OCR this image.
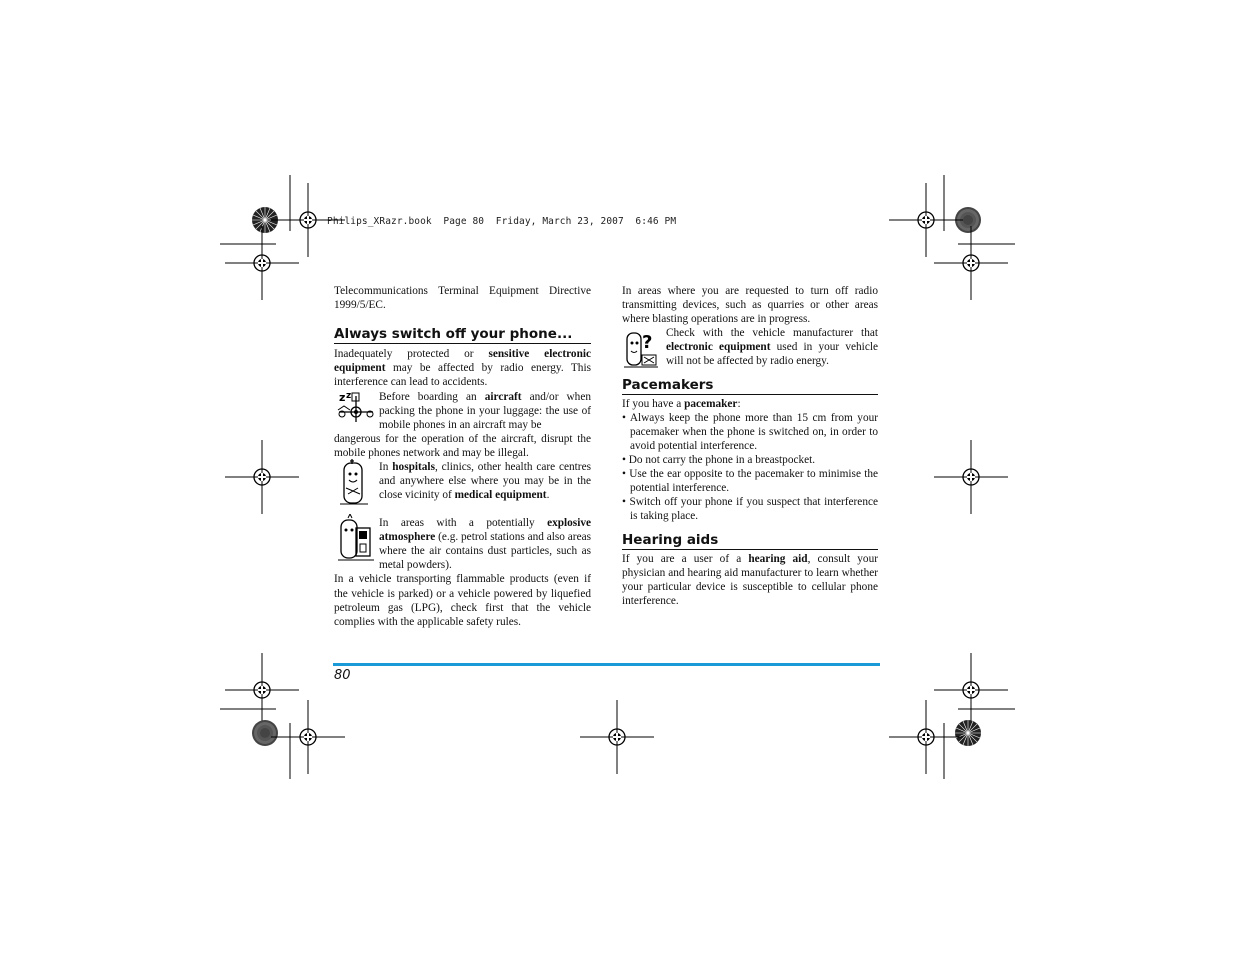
Philips_XRazr.book  Page 80  Friday, March 23, 2007  6:46 PM

Telecommunications Terminal Equipment Directive 1999/5/EC.

Always switch off your phone...

Inadequately protected or sensitive electronic equipment may be affected by radio energy. This interference can lead to accidents.

Before boarding an aircraft and/or when packing the phone in your luggage: the use of mobile phones in an aircraft may be

dangerous for the operation of the aircraft, disrupt the mobile phones network and may be illegal.

In hospitals, clinics, other health care centres and anywhere else where you may be in the close vicinity of medical equipment.

In areas with a potentially explosive atmosphere (e.g. petrol stations and also areas where the air contains dust particles, such as metal powders).

In a vehicle transporting flammable products (even if the vehicle is parked) or a vehicle powered by liquefied petroleum gas (LPG), check first that the vehicle complies with the applicable safety rules.

z z

In areas where you are requested to turn off radio transmitting devices, such as quarries or other areas where blasting operations are in progress.

Check with the vehicle manufacturer that electronic equipment used in your vehicle will not be affected by radio energy.

Pacemakers

If you have a pacemaker:

• Always keep the phone more than 15 cm from your pacemaker when the phone is switched on, in order to avoid potential interference.

• Do not carry the phone in a breastpocket.

• Use the ear opposite to the pacemaker to minimise the potential interference.

• Switch off your phone if you suspect that interference is taking place.

Hearing aids

If you are a user of a hearing aid, consult your physician and hearing aid manufacturer to learn whether your particular device is susceptible to cellular phone interference.

?
80
